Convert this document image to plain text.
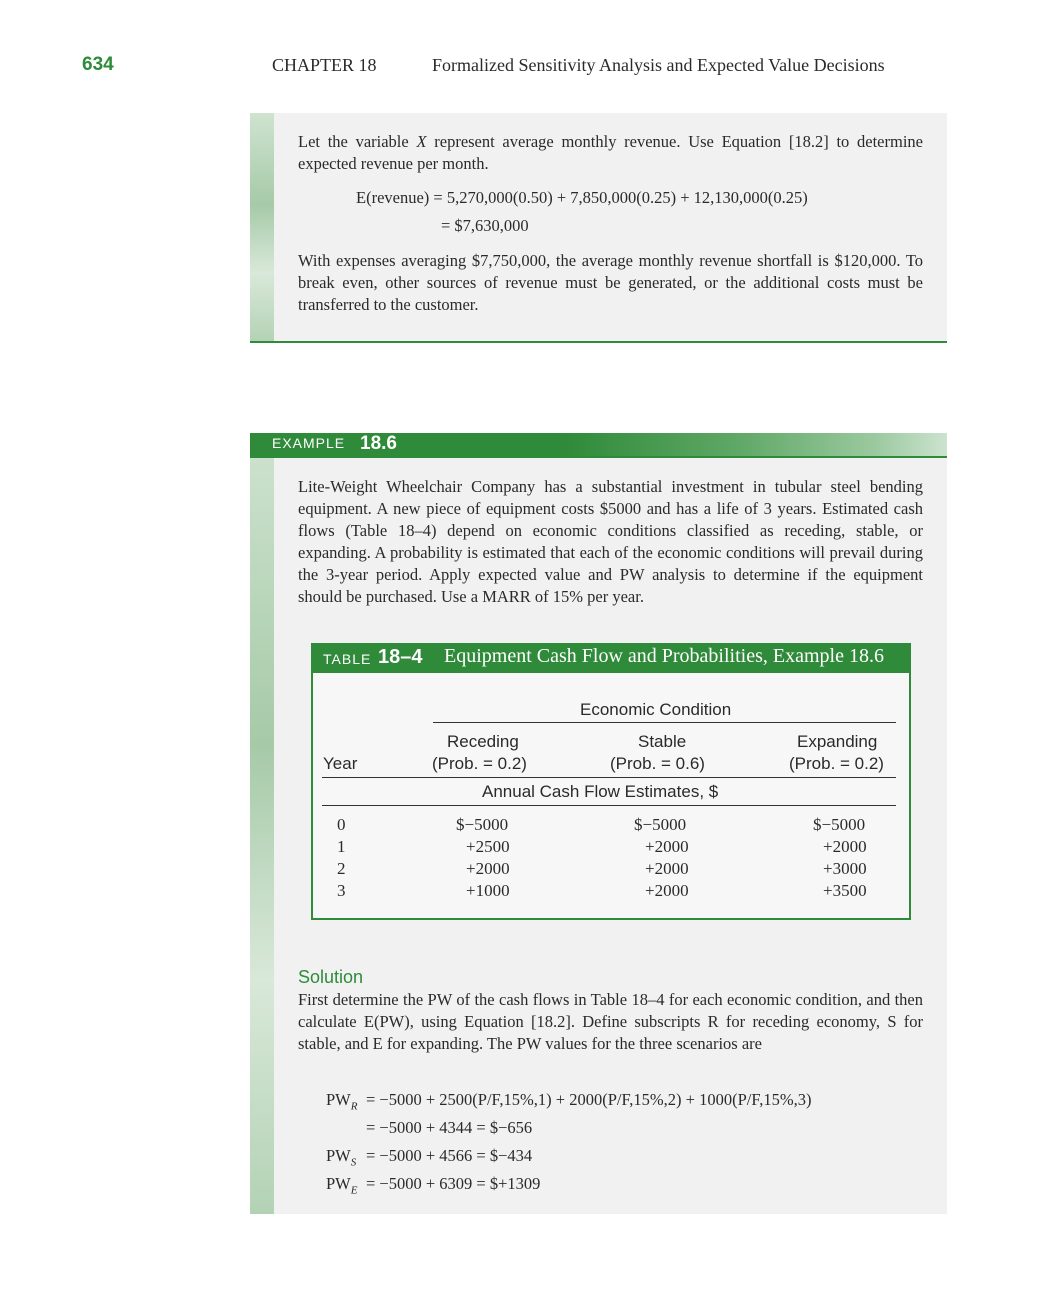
634	CHAPTER 18	Formalized Sensitivity Analysis and Expected Value Decisions
Let the variable X represent average monthly revenue. Use Equation [18.2] to determine expected revenue per month.
E(revenue) = 5,270,000(0.50) + 7,850,000(0.25) + 12,130,000(0.25)
= $7,630,000
With expenses averaging $7,750,000, the average monthly revenue shortfall is $120,000. To break even, other sources of revenue must be generated, or the additional costs must be transferred to the customer.
EXAMPLE 18.6
Lite-Weight Wheelchair Company has a substantial investment in tubular steel bending equipment. A new piece of equipment costs $5000 and has a life of 3 years. Estimated cash flows (Table 18–4) depend on economic conditions classified as receding, stable, or expanding. A probability is estimated that each of the economic conditions will prevail during the 3-year period. Apply expected value and PW analysis to determine if the equipment should be purchased. Use a MARR of 15% per year.
TABLE 18–4 Equipment Cash Flow and Probabilities, Example 18.6
Economic Condition
Receding	Stable	Expanding
Year	(Prob. = 0.2)	(Prob. = 0.6)	(Prob. = 0.2)
Annual Cash Flow Estimates, $
0	$−5000	$−5000	$−5000
1	+2500	+2000	+2000
2	+2000	+2000	+3000
3	+1000	+2000	+3500
Solution
First determine the PW of the cash flows in Table 18–4 for each economic condition, and then calculate E(PW), using Equation [18.2]. Define subscripts R for receding economy, S for stable, and E for expanding. The PW values for the three scenarios are
$PW_R = -5000 + 2500(P/F,15\%,1) + 2000(P/F,15\%,2) + 1000(P/F,15\%,3)$
= −5000 + 4344 = $−656
$PW_S = -5000 + 4566$ = $−434
$PW_E = -5000 + 6309$ = $+1309
